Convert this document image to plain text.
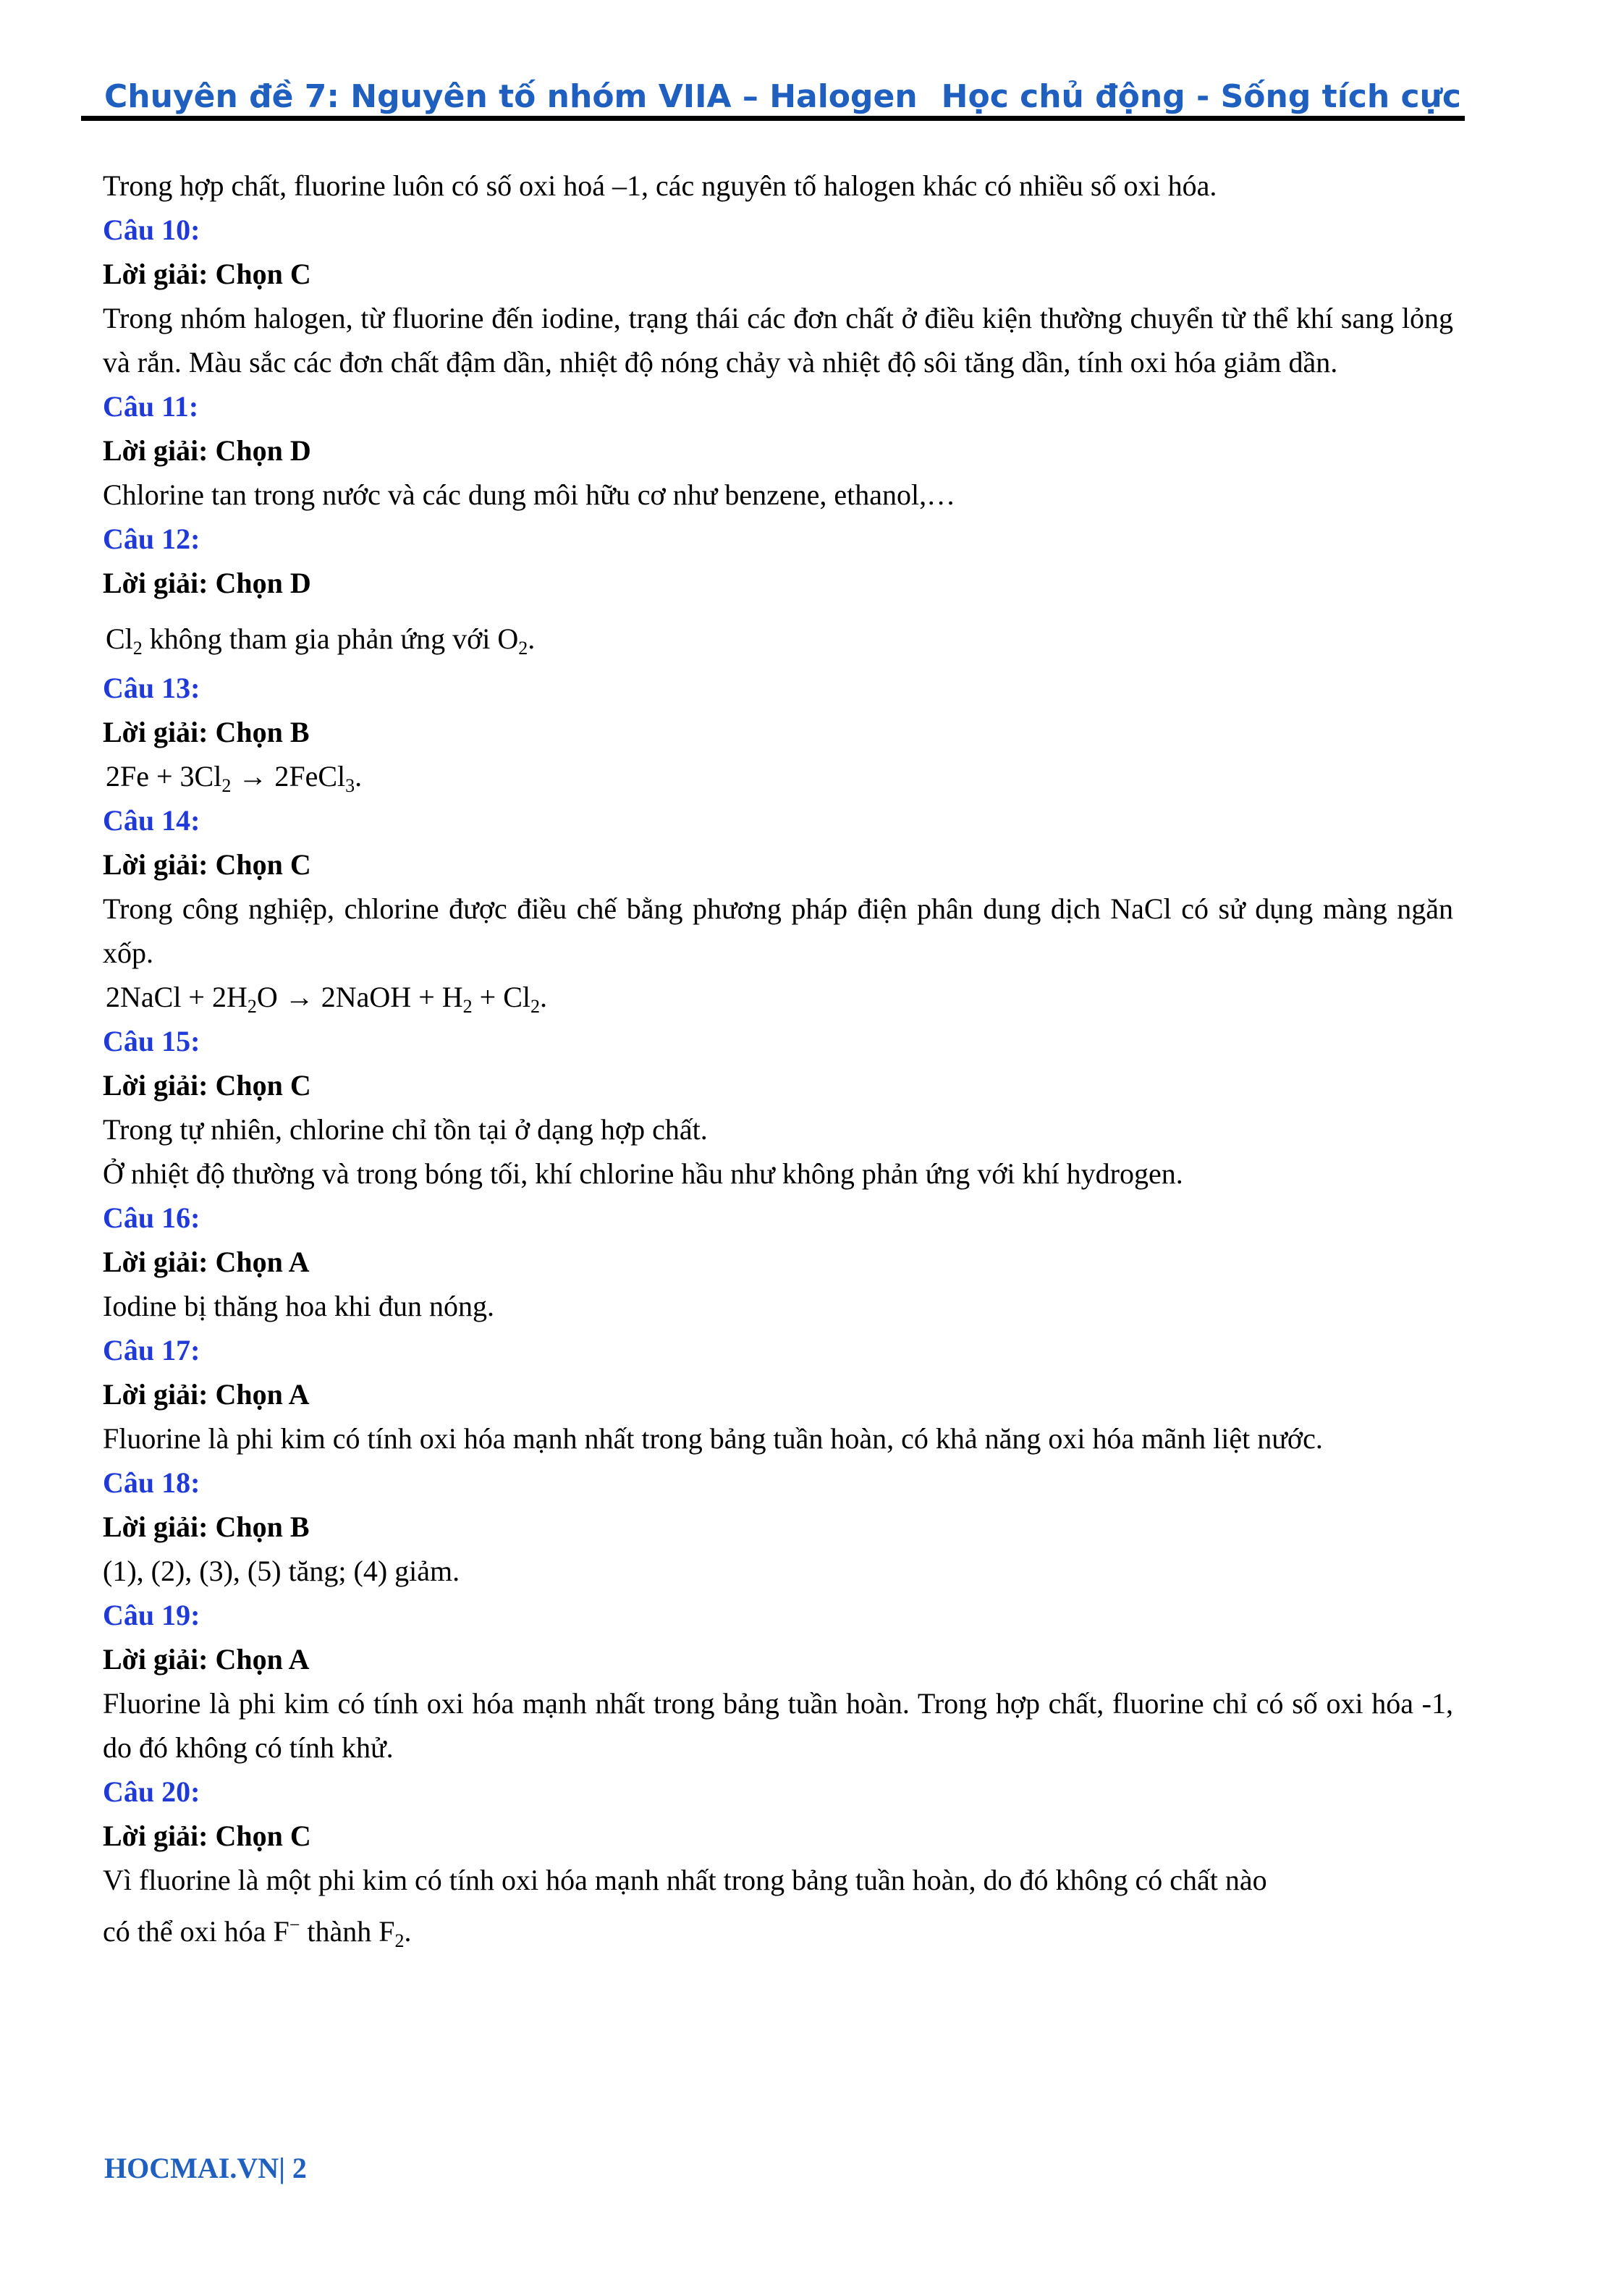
Chuyên đề 7: Nguyên tố nhóm VIIA – Halogen Học chủ động - Sống tích cực

Trong hợp chất, fluorine luôn có số oxi hoá –1, các nguyên tố halogen khác có nhiều số oxi hóa.

Câu 10:

Lời giải: Chọn C

Trong nhóm halogen, từ fluorine đến iodine, trạng thái các đơn chất ở điều kiện thường chuyển từ thể khí sang lỏng và rắn. Màu sắc các đơn chất đậm dần, nhiệt độ nóng chảy và nhiệt độ sôi tăng dần, tính oxi hóa giảm dần.

Câu 11:

Lời giải: Chọn D

Chlorine tan trong nước và các dung môi hữu cơ như benzene, ethanol,…

Câu 12:

Lời giải: Chọn D

$Cl_2$ không tham gia phản ứng với $O_2$.

Câu 13:

Lời giải: Chọn B

$2Fe + 3Cl_2$ → 2FeCl$_3$.

Câu 14:

Lời giải: Chọn C

Trong công nghiệp, chlorine được điều chế bằng phương pháp điện phân dung dịch NaCl có sử dụng màng ngăn xốp.

2NaCl + $2H_2O$ → 2NaOH + $H_2 + Cl_2$.

Câu 15:

Lời giải: Chọn C

Trong tự nhiên, chlorine chỉ tồn tại ở dạng hợp chất.

Ở nhiệt độ thường và trong bóng tối, khí chlorine hầu như không phản ứng với khí hydrogen.

Câu 16:

Lời giải: Chọn A

Iodine bị thăng hoa khi đun nóng.

Câu 17:

Lời giải: Chọn A

Fluorine là phi kim có tính oxi hóa mạnh nhất trong bảng tuần hoàn, có khả năng oxi hóa mãnh liệt nước.

Câu 18:

Lời giải: Chọn B

(1), (2), (3), (5) tăng; (4) giảm.

Câu 19:

Lời giải: Chọn A

Fluorine là phi kim có tính oxi hóa mạnh nhất trong bảng tuần hoàn. Trong hợp chất, fluorine chỉ có số oxi hóa -1, do đó không có tính khử.

Câu 20:

Lời giải: Chọn C

Vì fluorine là một phi kim có tính oxi hóa mạnh nhất trong bảng tuần hoàn, do đó không có chất nào

có thể oxi hóa F− thành $F_2$.

HOCMAI.VN| 2
